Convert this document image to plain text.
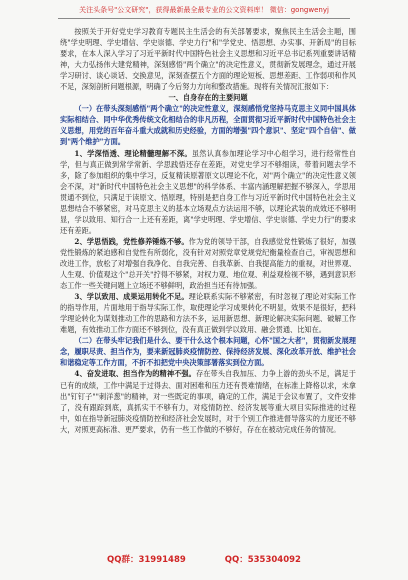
关注头条号"公文研究"，获得最新最全最专业的公文资料库！ 微信：gongwenyj

按照关于开好党史学习教育专题民主生活会的有关部署要求，聚焦民主生活会主题，围绕"学史明理、学史增信、学史崇德、学史力行"和"学党史、悟思想、办实事、开新局"的目标要求，在本人深入学习了习近平新时代中国特色社会主义思想和习近平总书记系列重要讲话精神，大力弘扬伟大建党精神，深刻感悟"两个确立"的决定性意义，贯彻新发展理念，通过开展学习研讨、谈心谈话、交换意见，深刻查摆五个方面的理论短板、思想差距、工作弱项和作风不足，深刻剖析问题根源，明确了今后努力方向和整改措施。现将有关情况汇报如下：

一、自身存在的主要问题

（一）在带头深刻感悟"两个确立"的决定性意义，深刻感悟党坚持马克思主义同中国具体实际相结合、同中华优秀传统文化相结合的非凡历程，全面贯彻习近平新时代中国特色社会主义思想，用党的百年奋斗重大成就和历史经验，方面的增强"四个意识"、坚定"四个自信"、做到"两个维护"方面。

1、学深悟透、理论精髓理解不深。虽然认真参加理论学习中心组学习，进行经常性自学，但与真正做到常学常新、学思践悟还存在差距，对党史学习不够细读，带着问题去学不多，除了参加组织的集中学习，反复精读原著原文以理论不化，对"两个确立"的决定性意义领会不深，对"新时代中国特色社会主义思想"的科学体系、丰富内涵理解把握不够深入，学思用贯通不到位，只满足于读原文、悟原理，特别是把自身工作与习近平新时代中国特色社会主义思想结合不够紧密，对马克思主义的基本立场观点方法运用不够，以理论武装的成效还不够明显，学以致用、知行合一上还有差距，离"学史明理、学史增信、学史崇德、学史力行"的要求还有差距。

2、学思悟践，党性修养锤炼不够。作为党的领导干部，自我感觉党性锻炼了很好，加强党性锻炼的紧迫感和自觉性有所弱化，没有针对对照党章党规党纪衡量检查自己，审视思想和改进工作，放松了对增强自我净化、自我完善、自我革新、自我提高能力的重视，对世界观、人生观、价值观这个"总开关"拧得不够紧，对权力观、地位观、利益观检视不够，遇到意识形态工作一些关键问题上立场还不够鲜明，政治担当还有待加强。

3、学以致用、成果运用转化不足。理论联系实际不够紧密，有时忽视了理论对实际工作的指导作用，片面地用于指导实际工作，取使理论学习成果转化不明显，效果不是很好，把科学理论转化为谋划推动工作的思路和方法不多，运用新思想、新理论解决实际问题、破解工作难题，有效推动工作方面还不够到位，没有真正做到学以致用、融会贯通、比知在。

（二）在带头牢记我们是什么、要干什么这个根本问题，心怀"国之大者"，贯彻新发展理念，履职尽责、担当作为，要来新冠肺炎疫情防控、保持经济发展、深化改革开放、维护社会和谐稳定等工作方面，不折不扣把党中央决策部署落实到位方面。

4、奋发进取、担当作为的精神不强。存在带头自我加压、力争上游的劲头不足，满足于已有的成绩，工作中满足于过得去、面对困难和压力还有畏难情绪，在标准上降格以求，未拿出"钉钉子""刺洋葱"的精神，对一些既定的事项，确定的工作，满足于会议布置了，文件安排了，没有跟踪到底，真抓实干不够有力，对疫情防控、经济发展等重大项目实际推进的过程中，如在指导新冠肺炎疫情防控和经济社会发展时，对于个别工作推进督导落实的力度还不够大，对照更高标准、更严要求，仍有一些工作做的不够好，存在在被动完成任务的情况。

QQ群：31991489	QQ：535304092
